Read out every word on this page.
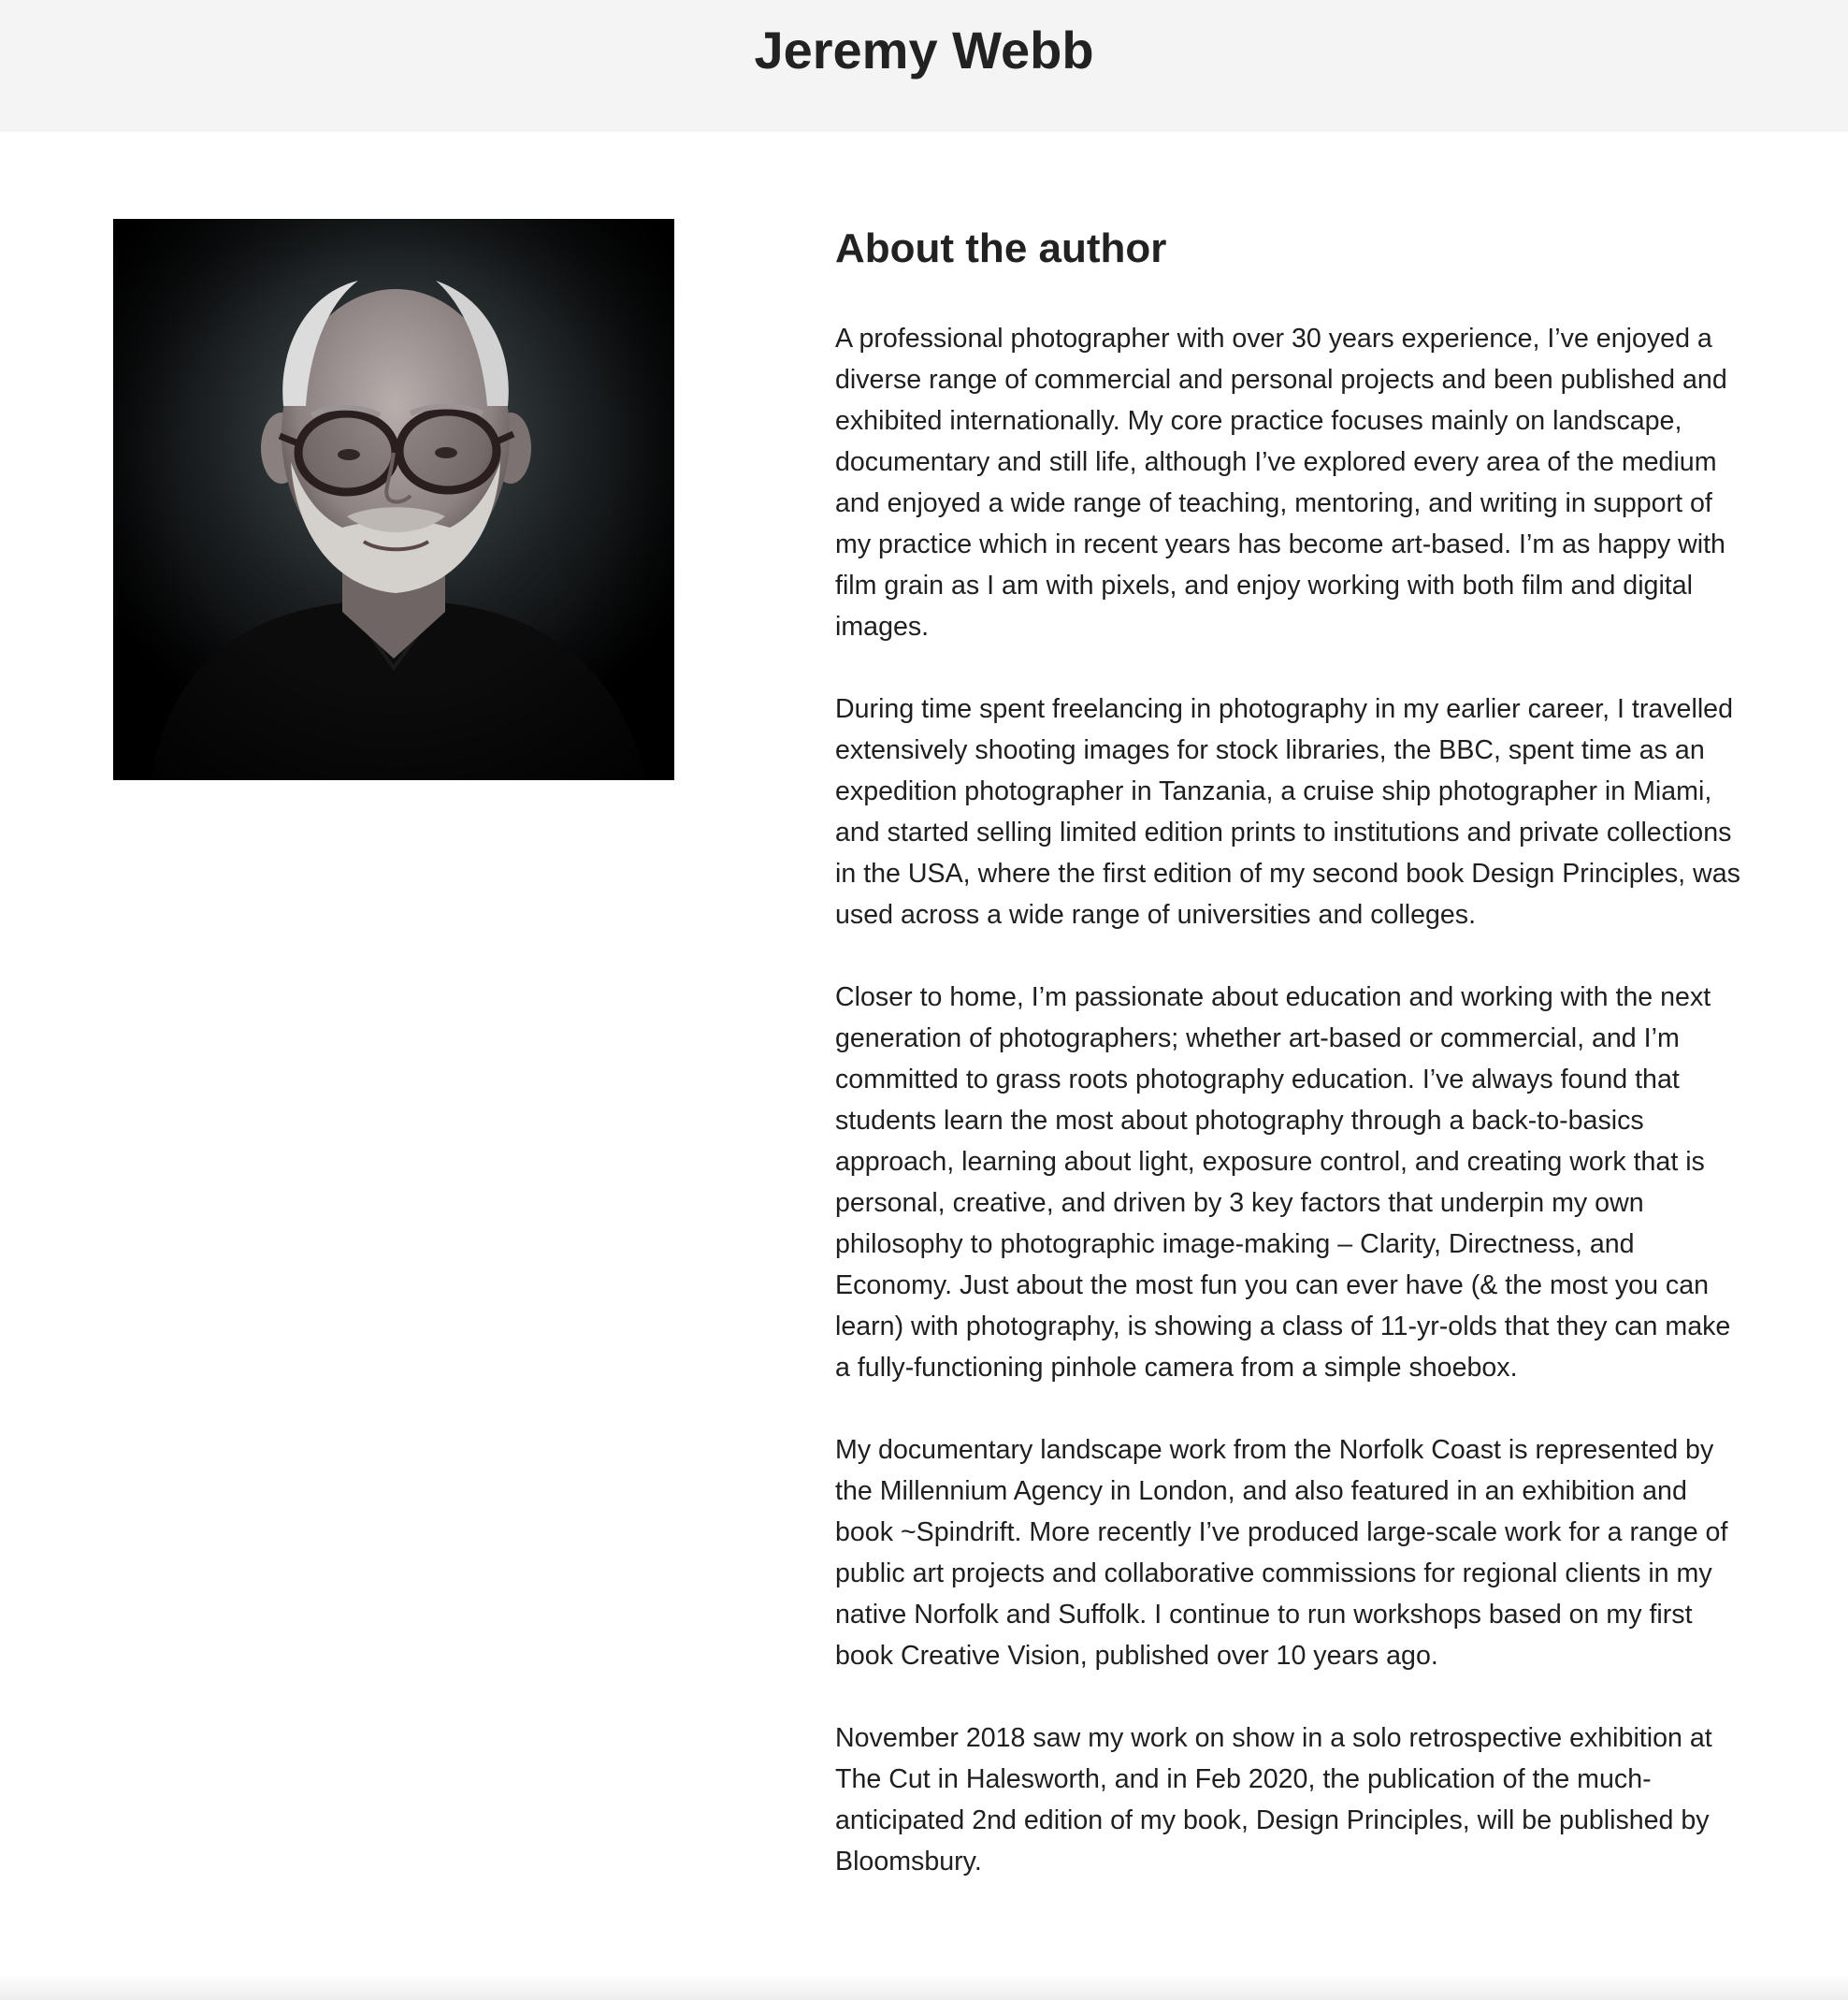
Jeremy Webb
About the author

A professional photographer with over 30 years experience, I’ve enjoyed a diverse range of commercial and personal projects and been published and exhibited internationally. My core practice focuses mainly on landscape, documentary and still life, although I’ve explored every area of the medium and enjoyed a wide range of teaching, mentoring, and writing in support of my practice which in recent years has become art-based. I’m as happy with film grain as I am with pixels, and enjoy working with both film and digital images.

During time spent freelancing in photography in my earlier career, I travelled extensively shooting images for stock libraries, the BBC, spent time as an expedition photographer in Tanzania, a cruise ship photographer in Miami, and started selling limited edition prints to institutions and private collections in the USA, where the first edition of my second book Design Principles, was used across a wide range of universities and colleges.

Closer to home, I’m passionate about education and working with the next generation of photographers; whether art-based or commercial, and I’m committed to grass roots photography education. I’ve always found that students learn the most about photography through a back-to-basics approach, learning about light, exposure control, and creating work that is personal, creative, and driven by 3 key factors that underpin my own philosophy to photographic image-making – Clarity, Directness, and Economy. Just about the most fun you can ever have (& the most you can learn) with photography, is showing a class of 11-yr-olds that they can make a fully-functioning pinhole camera from a simple shoebox.

My documentary landscape work from the Norfolk Coast is represented by the Millennium Agency in London, and also featured in an exhibition and book ~Spindrift. More recently I’ve produced large-scale work for a range of public art projects and collaborative commissions for regional clients in my native Norfolk and Suffolk. I continue to run workshops based on my first book Creative Vision, published over 10 years ago.

November 2018 saw my work on show in a solo retrospective exhibition at The Cut in Halesworth, and in Feb 2020, the publication of the much-anticipated 2nd edition of my book, Design Principles, will be published by Bloomsbury.
